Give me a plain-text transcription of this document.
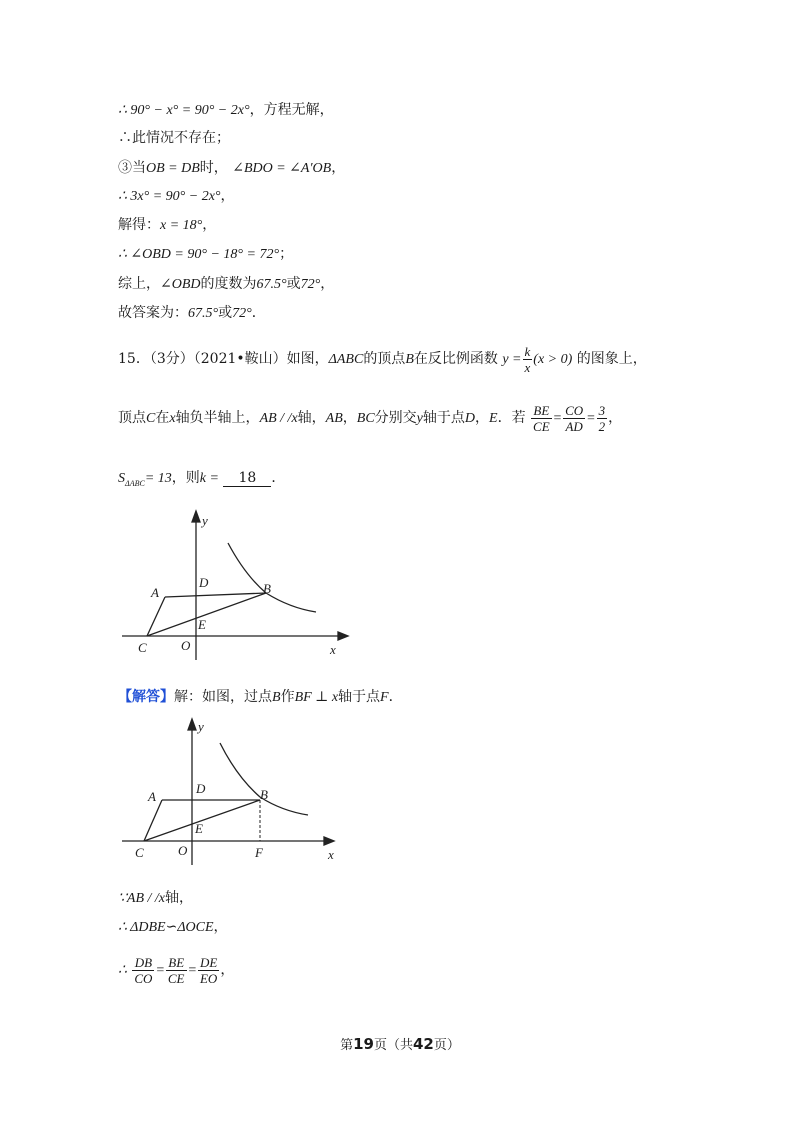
∴ 90° − x° = 90° − 2x°，方程无解，
∴此情况不存在；
③当OB = DB时， ∠BDO = ∠A′OB，
∴ 3x° = 90° − 2x°，
解得：x = 18°，
∴ ∠OBD = 90° − 18° = 72°；
综上，∠OBD的度数为67.5°或72°，
故答案为：67.5°或72°．
15．（3分）（2021•鞍山）如图，ΔABC的顶点B在反比例函数 $y = \frac{k}{x} (x > 0)$ 的图象上，
顶点C在x轴负半轴上，AB / /x轴，AB，BC分别交y轴于点D，E．若 $\frac{BE}{CE} = \frac{CO}{AD} = \frac{3}{2}$ ，
$S_{\Delta ABC}= 13$，则k = 18 ．
y
x
A	B
C
D
E
O
【解答】解：如图，过点B作BF ⊥ x轴于点F．
y
x
A	B
C
D
E
O	F
∵AB / /x轴，
∴ ΔDBE∽ΔOCE，
∴ $\frac{DB}{CO} = \frac{BE}{CE} = \frac{DE}{EO}$ ，
第19页（共42页）
